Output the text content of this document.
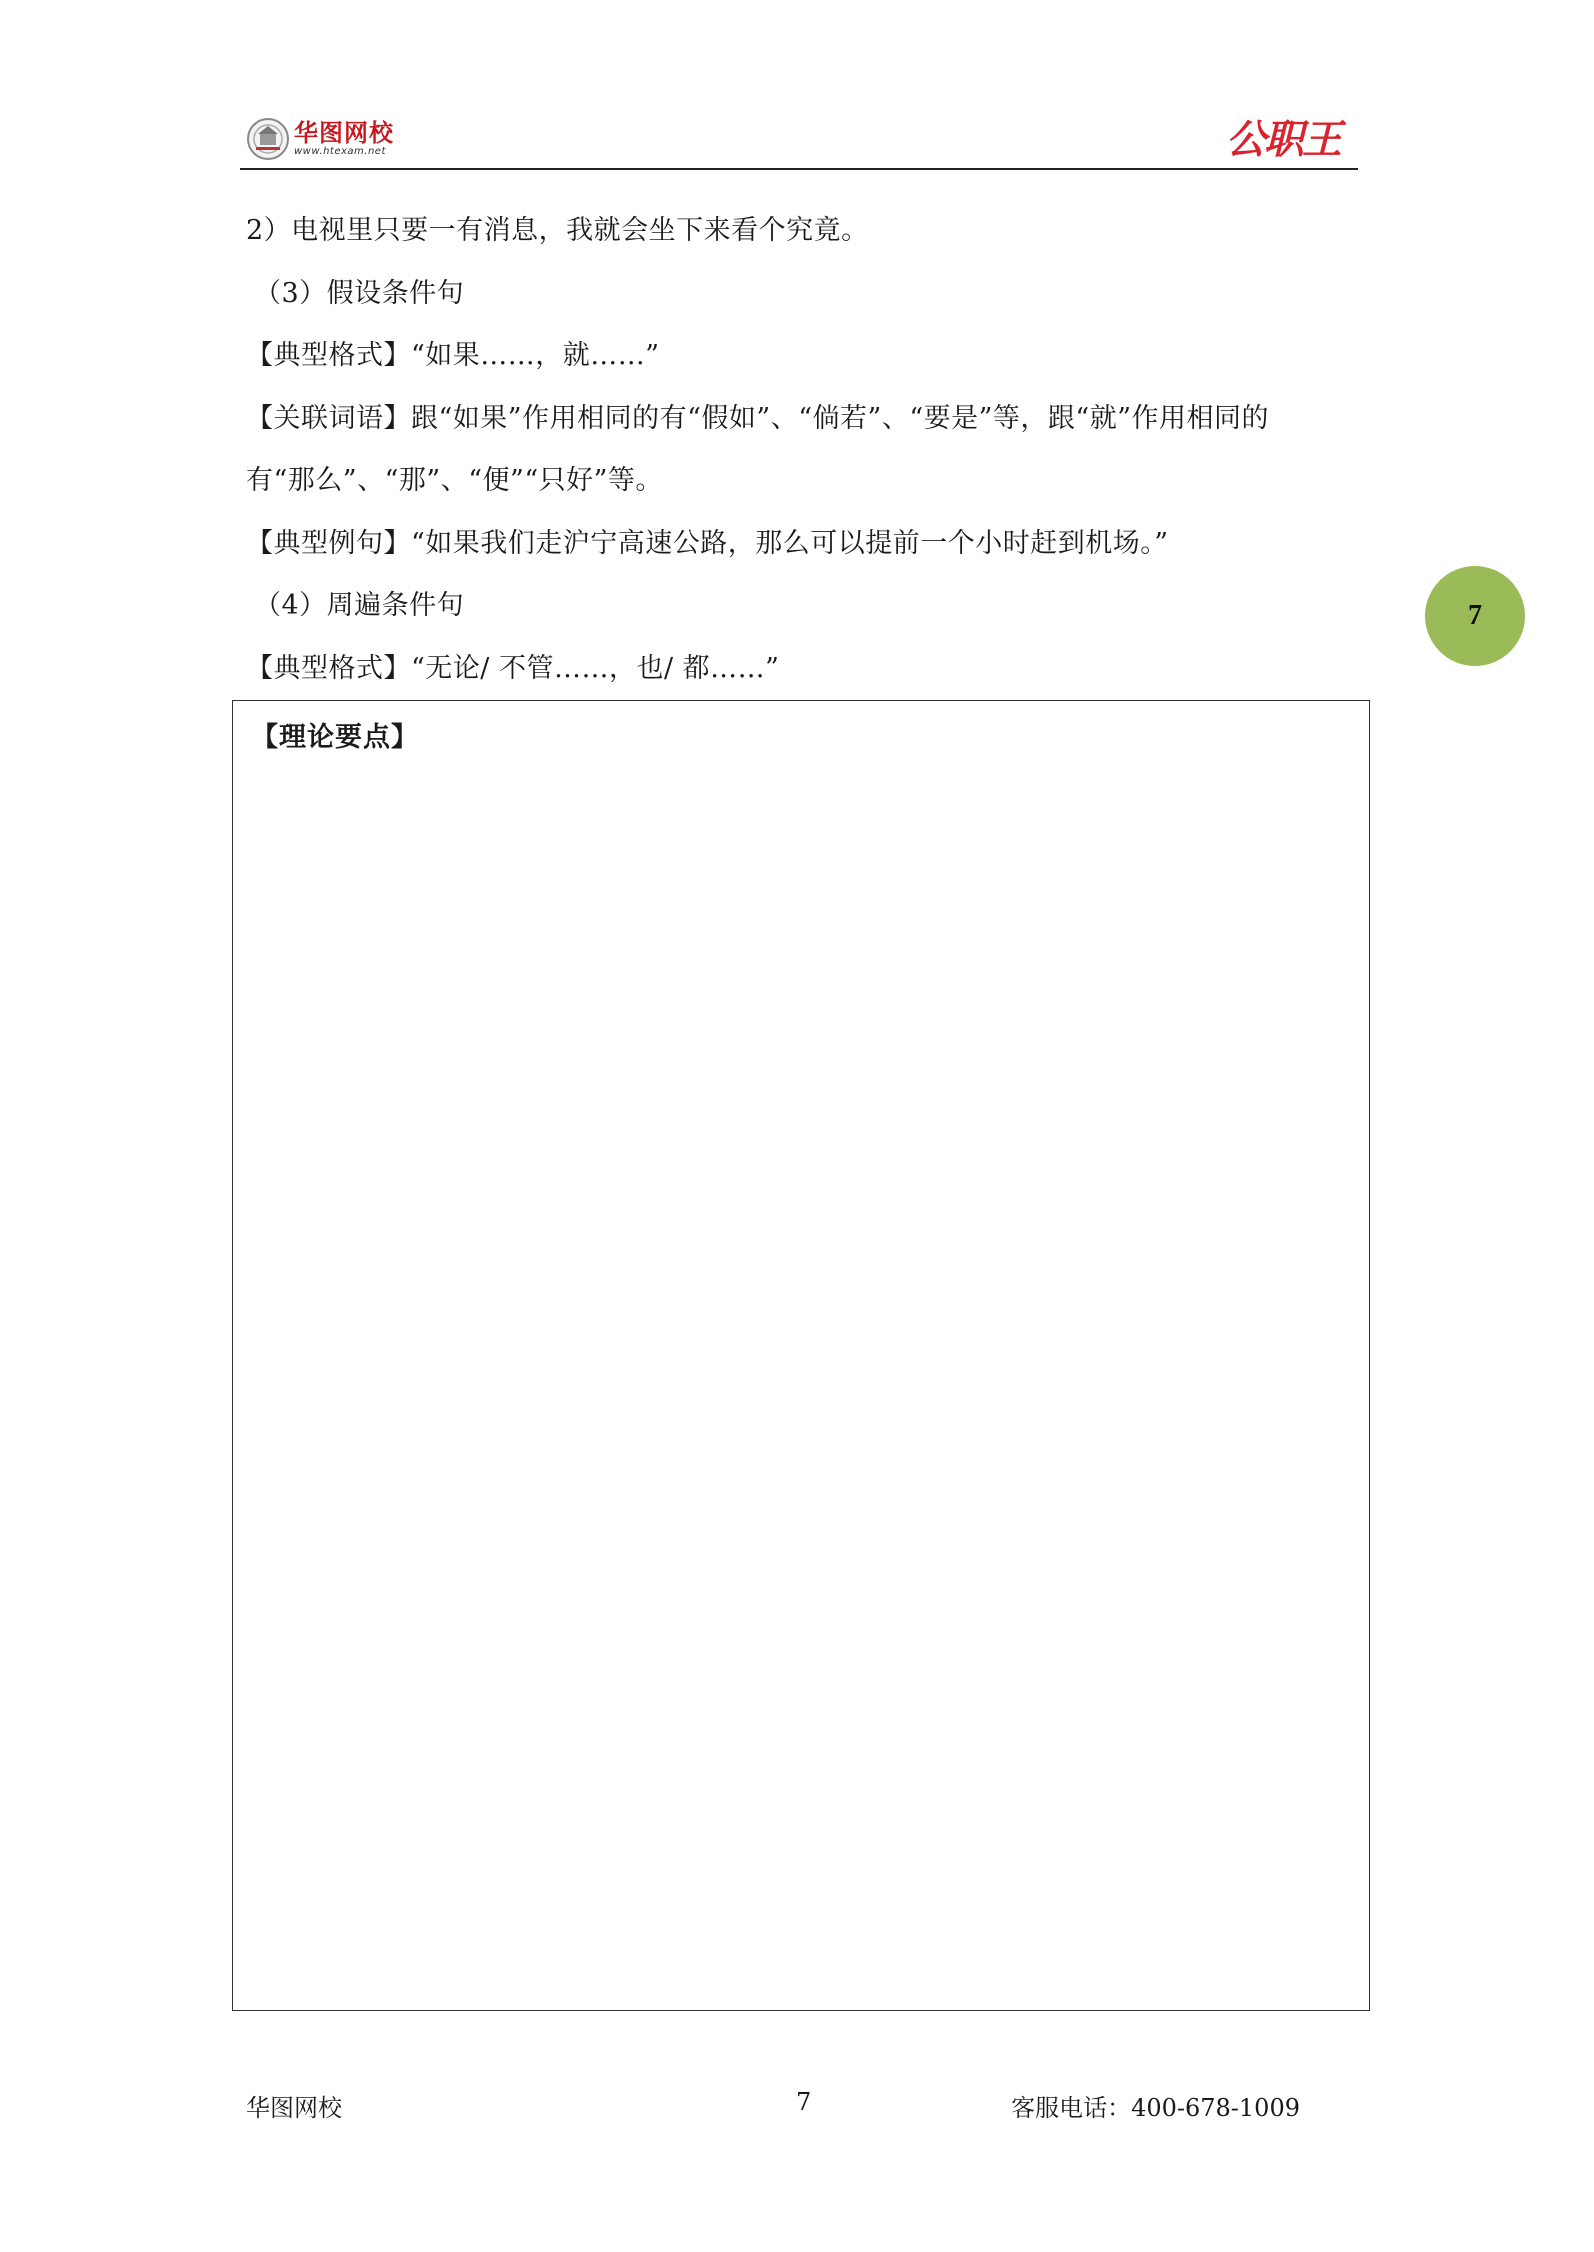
华图网校
www.htexam.net	公职王
2）电视里只要一有消息，我就会坐下来看个究竟。
（3）假设条件句
【典型格式】“如果……，就……”
【关联词语】跟“如果”作用相同的有“假如”、“倘若”、“要是”等，跟“就”作用相同的
有“那么”、“那”、“便”“只好”等。
【典型例句】“如果我们走沪宁高速公路，那么可以提前一个小时赶到机场。”
（4）周遍条件句
【典型格式】“无论/ 不管……，也/ 都……”
7
【理论要点】
华图网校	7	客服电话：400-678-1009
